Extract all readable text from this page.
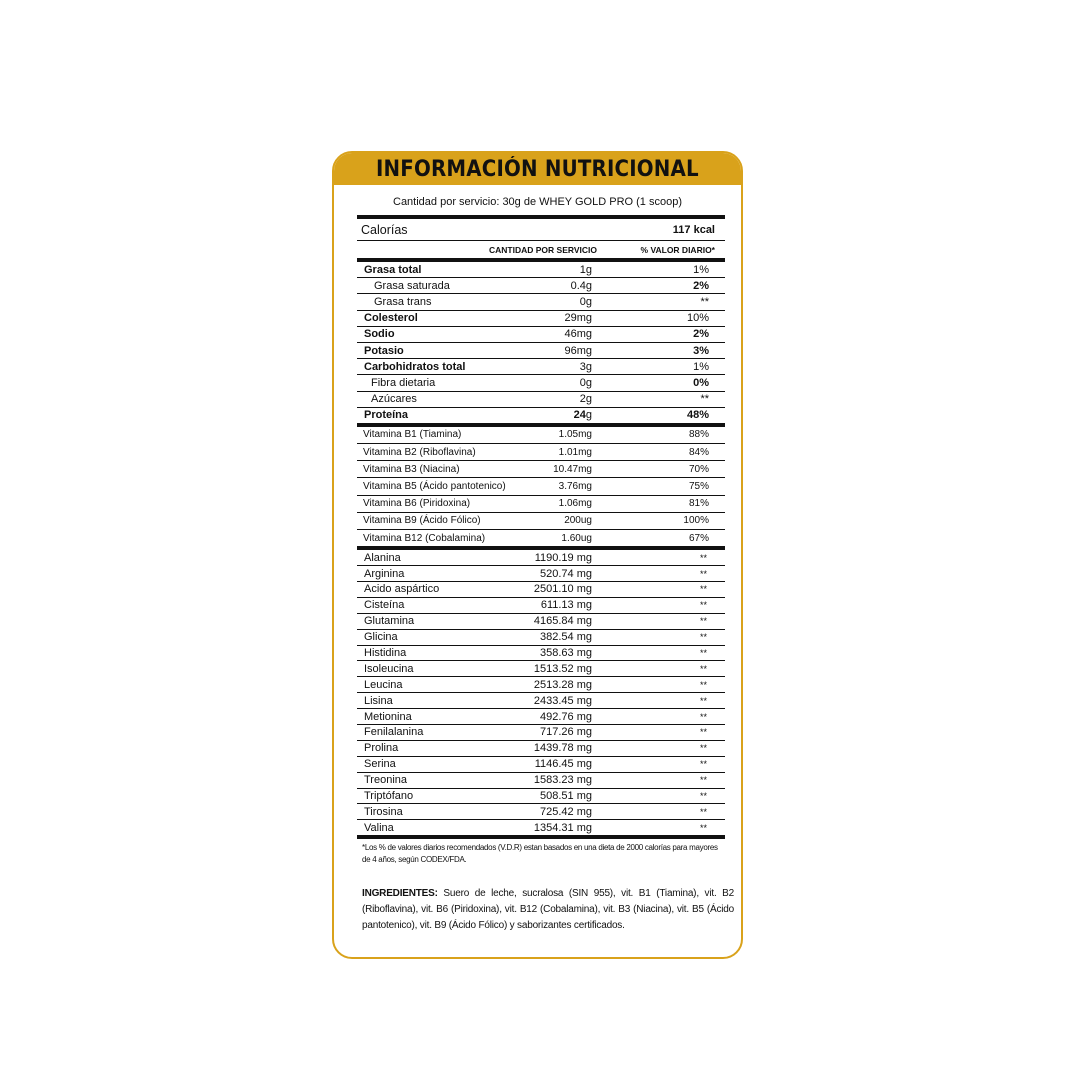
INFORMACIÓN NUTRICIONAL
Cantidad por servicio: 30g de WHEY GOLD PRO (1 scoop)
Calorías	117 kcal
CANTIDAD POR SERVICIO	% VALOR DIARIO*
Grasa total	1g	1%
Grasa saturada	0.4g	2%
Grasa trans	0g	**
Colesterol	29mg	10%
Sodio	46mg	2%
Potasio	96mg	3%
Carbohidratos total	3g	1%
Fibra dietaria	0g	0%
Azúcares	2g	**
Proteína	24g	48%
Vitamina B1 (Tiamina)	1.05mg	88%
Vitamina B2 (Riboflavina)	1.01mg	84%
Vitamina B3 (Niacina)	10.47mg	70%
Vitamina B5 (Ácido pantotenico)	3.76mg	75%
Vitamina B6 (Piridoxina)	1.06mg	81%
Vitamina B9 (Ácido Fólico)	200ug	100%
Vitamina B12 (Cobalamina)	1.60ug	67%
Alanina	1190.19 mg	**
Arginina	520.74 mg	**
Acido aspártico	2501.10 mg	**
Cisteína	611.13 mg	**
Glutamina	4165.84 mg	**
Glicina	382.54 mg	**
Histidina	358.63 mg	**
Isoleucina	1513.52 mg	**
Leucina	2513.28 mg	**
Lisina	2433.45 mg	**
Metionina	492.76 mg	**
Fenilalanina	717.26 mg	**
Prolina	1439.78 mg	**
Serina	1146.45 mg	**
Treonina	1583.23 mg	**
Triptófano	508.51 mg	**
Tirosina	725.42 mg	**
Valina	1354.31 mg	**
*Los % de valores diarios recomendados (V.D.R) estan basados en una dieta de 2000 calorías para mayores de 4 años, según CODEX/FDA.
INGREDIENTES: Suero de leche, sucralosa (SIN 955), vit. B1 (Tiamina), vit. B2 (Riboflavina), vit. B6 (Piridoxina), vit. B12 (Cobalamina), vit. B3 (Niacina), vit. B5 (Ácido pantotenico), vit. B9 (Ácido Fólico) y saborizantes certificados.
